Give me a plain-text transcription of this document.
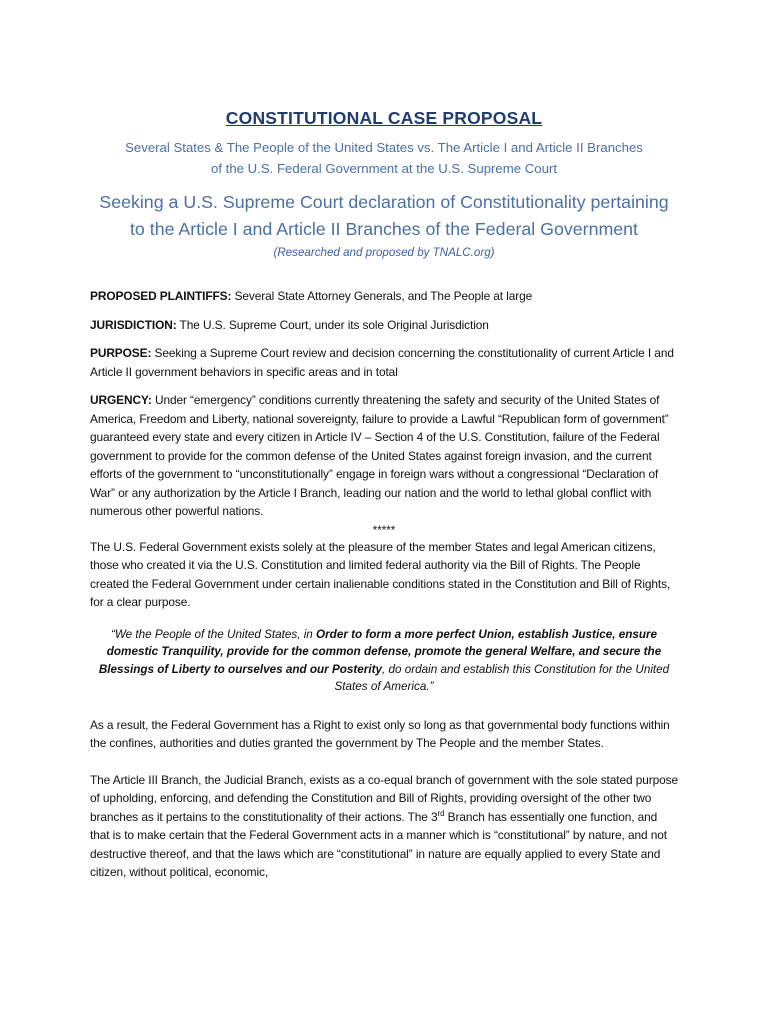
CONSTITUTIONAL CASE PROPOSAL

Several States & The People of the United States vs. The Article I and Article II Branches
of the U.S. Federal Government at the U.S. Supreme Court

Seeking a U.S. Supreme Court declaration of Constitutionality pertaining
to the Article I and Article II Branches of the Federal Government

(Researched and proposed by TNALC.org)

PROPOSED PLAINTIFFS: Several State Attorney Generals, and The People at large

JURISDICTION: The U.S. Supreme Court, under its sole Original Jurisdiction

PURPOSE: Seeking a Supreme Court review and decision concerning the constitutionality of current Article I and Article II government behaviors in specific areas and in total

URGENCY: Under “emergency” conditions currently threatening the safety and security of the United States of America, Freedom and Liberty, national sovereignty, failure to provide a Lawful “Republican form of government” guaranteed every state and every citizen in Article IV – Section 4 of the U.S. Constitution, failure of the Federal government to provide for the common defense of the United States against foreign invasion, and the current efforts of the government to “unconstitutionally” engage in foreign wars without a congressional “Declaration of War” or any authorization by the Article I Branch, leading our nation and the world to lethal global conflict with numerous other powerful nations.

*****

The U.S. Federal Government exists solely at the pleasure of the member States and legal American citizens, those who created it via the U.S. Constitution and limited federal authority via the Bill of Rights. The People created the Federal Government under certain inalienable conditions stated in the Constitution and Bill of Rights, for a clear purpose.

“We the People of the United States, in Order to form a more perfect Union, establish Justice, ensure domestic Tranquility, provide for the common defense, promote the general Welfare, and secure the Blessings of Liberty to ourselves and our Posterity, do ordain and establish this Constitution for the United States of America.”

As a result, the Federal Government has a Right to exist only so long as that governmental body functions within the confines, authorities and duties granted the government by The People and the member States.

The Article III Branch, the Judicial Branch, exists as a co-equal branch of government with the sole stated purpose of upholding, enforcing, and defending the Constitution and Bill of Rights, providing oversight of the other two branches as it pertains to the constitutionality of their actions. The 3rd Branch has essentially one function, and that is to make certain that the Federal Government acts in a manner which is “constitutional” by nature, and not destructive thereof, and that the laws which are “constitutional” in nature are equally applied to every State and citizen, without political, economic,
